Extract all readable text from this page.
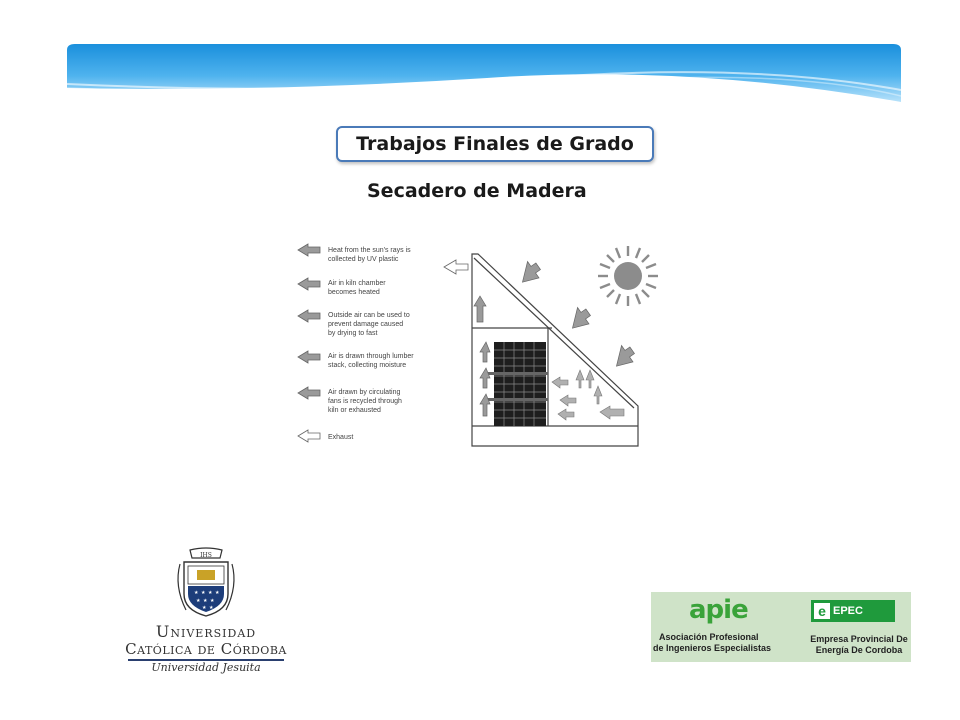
Trabajos Finales de Grado
Secadero de Madera
Heat from the sun's rays is
collected by UV plastic
Air in kiln chamber
becomes heated
Outside air can be used to
prevent damage caused
by drying to fast
Air is drawn through lumber
stack, collecting moisture
Air drawn by circulating
fans is recycled through
kiln or exhausted
Exhaust
IHS
★ ★ ★ ★
★ ★ ★
★ ★
Universidad
Católica de Córdoba
Universidad Jesuita
apie
Asociación Profesional
de Ingenieros Especialistas
e EPEC
Empresa Provincial De
Energía De Cordoba
